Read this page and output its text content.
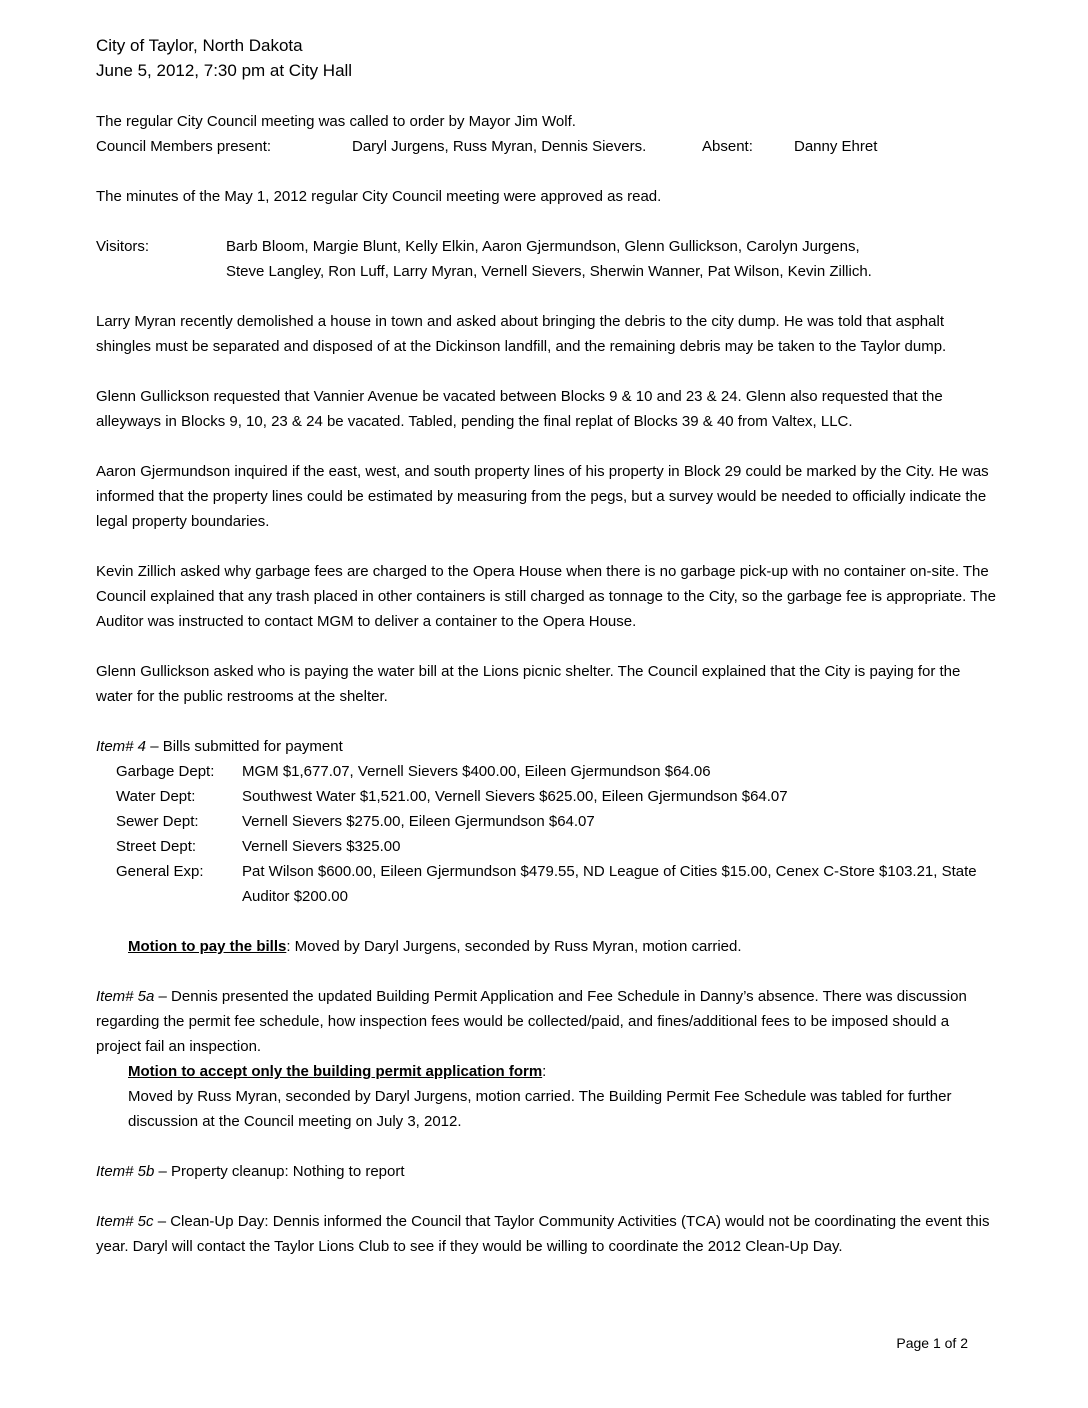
City of Taylor, North Dakota
June 5, 2012, 7:30 pm at City Hall

The regular City Council meeting was called to order by Mayor Jim Wolf.

Council Members present:	Daryl Jurgens, Russ Myran, Dennis Sievers.	Absent:	Danny Ehret

The minutes of the May 1, 2012 regular City Council meeting were approved as read.

Visitors:	Barb Bloom, Margie Blunt, Kelly Elkin, Aaron Gjermundson, Glenn Gullickson, Carolyn Jurgens,
Steve Langley, Ron Luff, Larry Myran, Vernell Sievers, Sherwin Wanner, Pat Wilson, Kevin Zillich.

Larry Myran recently demolished a house in town and asked about bringing the debris to the city dump. He was told that asphalt shingles must be separated and disposed of at the Dickinson landfill, and the remaining debris may be taken to the Taylor dump.

Glenn Gullickson requested that Vannier Avenue be vacated between Blocks 9 & 10 and 23 & 24. Glenn also requested that the alleyways in Blocks 9, 10, 23 & 24 be vacated. Tabled, pending the final replat of Blocks 39 & 40 from Valtex, LLC.

Aaron Gjermundson inquired if the east, west, and south property lines of his property in Block 29 could be marked by the City. He was informed that the property lines could be estimated by measuring from the pegs, but a survey would be needed to officially indicate the legal property boundaries.

Kevin Zillich asked why garbage fees are charged to the Opera House when there is no garbage pick-up with no container on-site. The Council explained that any trash placed in other containers is still charged as tonnage to the City, so the garbage fee is appropriate. The Auditor was instructed to contact MGM to deliver a container to the Opera House.

Glenn Gullickson asked who is paying the water bill at the Lions picnic shelter. The Council explained that the City is paying for the water for the public restrooms at the shelter.

Item# 4 – Bills submitted for payment

Garbage Dept:	MGM $1,677.07, Vernell Sievers $400.00, Eileen Gjermundson $64.06
Water Dept:	Southwest Water $1,521.00, Vernell Sievers $625.00, Eileen Gjermundson $64.07
Sewer Dept:	Vernell Sievers $275.00, Eileen Gjermundson $64.07
Street Dept:	Vernell Sievers $325.00
General Exp:	Pat Wilson $600.00, Eileen Gjermundson $479.55, ND League of Cities $15.00, Cenex C-Store $103.21, State Auditor $200.00

Motion to pay the bills: Moved by Daryl Jurgens, seconded by Russ Myran, motion carried.

Item# 5a – Dennis presented the updated Building Permit Application and Fee Schedule in Danny’s absence. There was discussion regarding the permit fee schedule, how inspection fees would be collected/paid, and fines/additional fees to be imposed should a project fail an inspection.

Motion to accept only the building permit application form:

Moved by Russ Myran, seconded by Daryl Jurgens, motion carried. The Building Permit Fee Schedule was tabled for further discussion at the Council meeting on July 3, 2012.

Item# 5b – Property cleanup: Nothing to report

Item# 5c – Clean-Up Day: Dennis informed the Council that Taylor Community Activities (TCA) would not be coordinating the event this year. Daryl will contact the Taylor Lions Club to see if they would be willing to coordinate the 2012 Clean-Up Day.

Page 1 of 2
